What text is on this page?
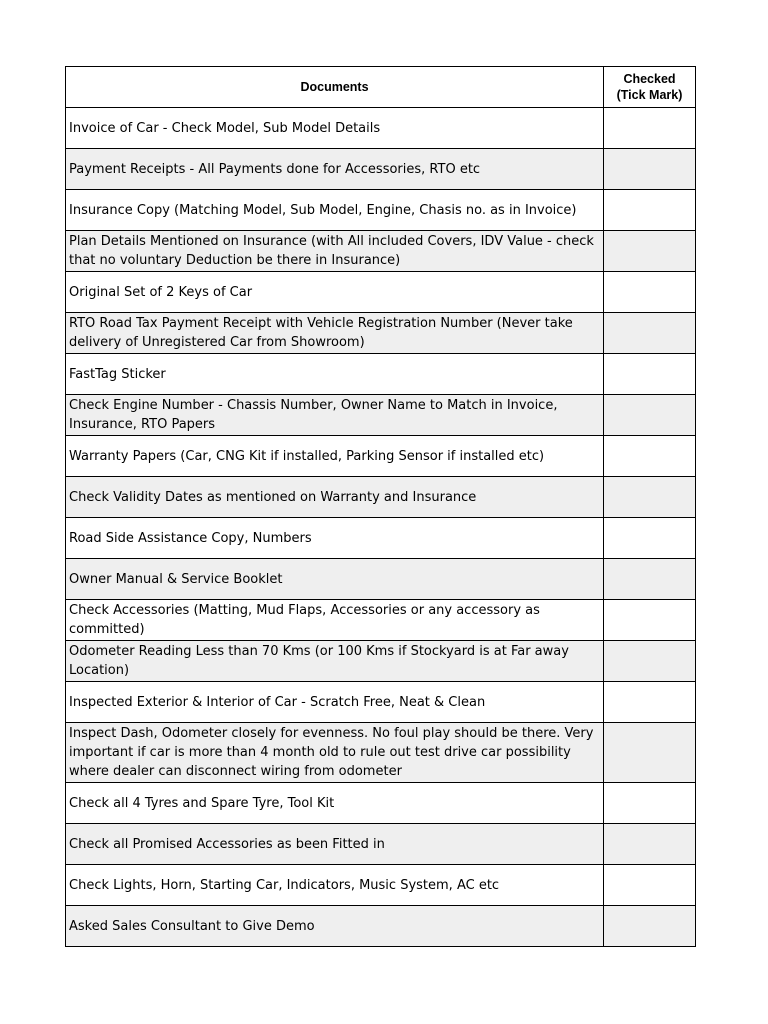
Documents	Checked
(Tick Mark)

Invoice of Car - Check Model, Sub Model Details	
Payment Receipts - All Payments done for Accessories, RTO etc	
Insurance Copy (Matching Model, Sub Model, Engine, Chasis no. as in Invoice)	
Plan Details Mentioned on Insurance (with All included Covers, IDV Value - check that no voluntary Deduction be there in Insurance)	
Original Set of 2 Keys of Car	
RTO Road Tax Payment Receipt with Vehicle Registration Number (Never take delivery of Unregistered Car from Showroom)	
FastTag Sticker	
Check Engine Number - Chassis Number, Owner Name to Match in Invoice, Insurance, RTO Papers	
Warranty Papers (Car, CNG Kit if installed, Parking Sensor if installed etc)	
Check Validity Dates as mentioned on Warranty and Insurance	
Road Side Assistance Copy, Numbers	
Owner Manual & Service Booklet	
Check Accessories (Matting, Mud Flaps, Accessories or any accessory as committed)	
Odometer Reading Less than 70 Kms (or 100 Kms if Stockyard is at Far away Location)	
Inspected Exterior & Interior of Car - Scratch Free, Neat & Clean	
Inspect Dash, Odometer closely for evenness. No foul play should be there. Very important if car is more than 4 month old to rule out test drive car possibility where dealer can disconnect wiring from odometer	
Check all 4 Tyres and Spare Tyre, Tool Kit	
Check all Promised Accessories as been Fitted in	
Check Lights, Horn, Starting Car, Indicators, Music System, AC etc	
Asked Sales Consultant to Give Demo	
